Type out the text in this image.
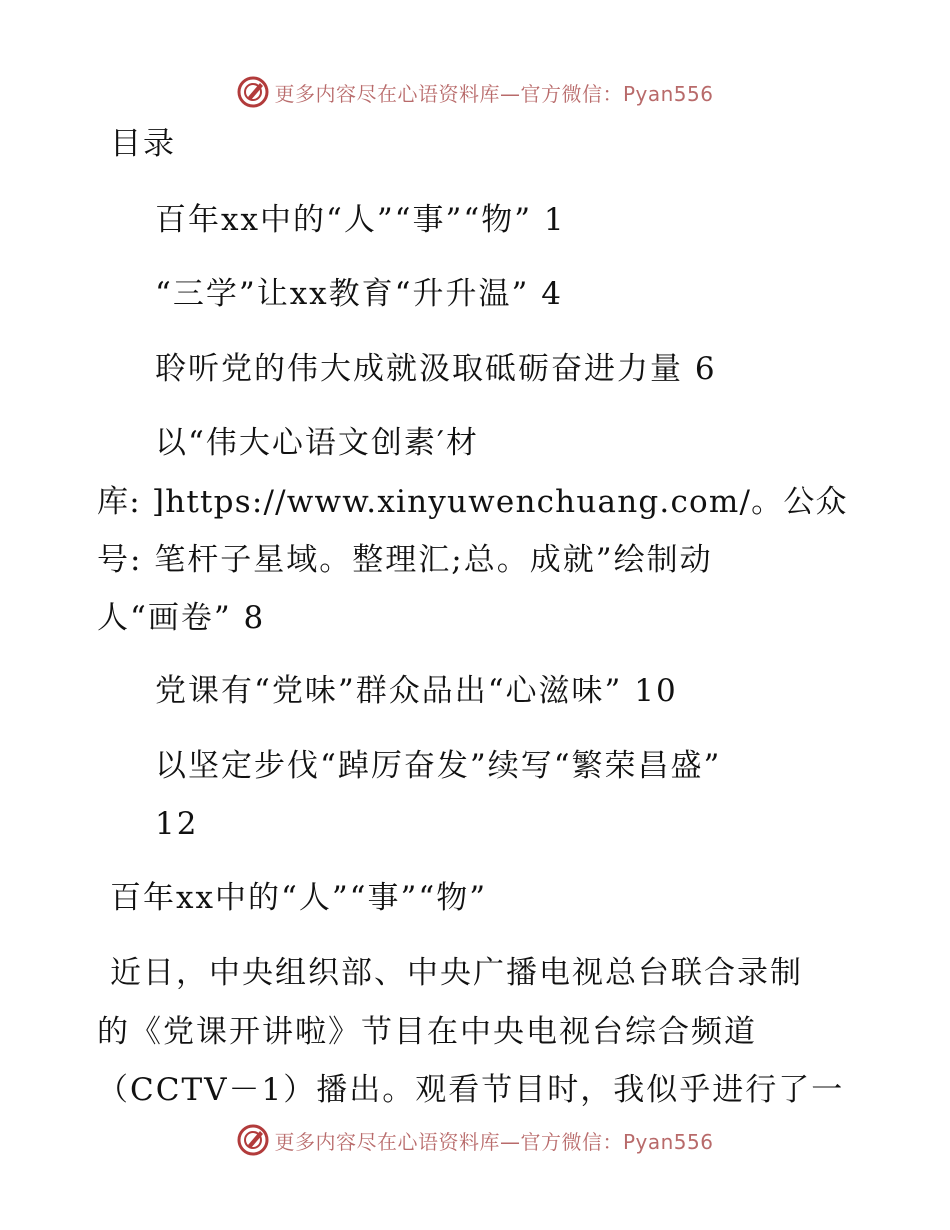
更多内容尽在心语资料库—官方微信：Pyan556
目录
百年xx中的“人”“事”“物” 1
“三学”让xx教育“升升温” 4
聆听党的伟大成就汲取砥砺奋进力量 6
以“伟大心语文创素′材
库: ]https://www.xinyuwenchuang.com/。公众
号: 笔杆子星域。整理汇;总。成就”绘制动
人“画卷” 8
党课有“党味”群众品出“心滋味” 10
以坚定步伐“踔厉奋发”续写“繁荣昌盛”
12
百年xx中的“人”“事”“物”
近日，中央组织部、中央广播电视总台联合录制
的《党课开讲啦》节目在中央电视台综合频道
（CCTV－1）播出。观看节目时，我似乎进行了一
更多内容尽在心语资料库—官方微信：Pyan556
